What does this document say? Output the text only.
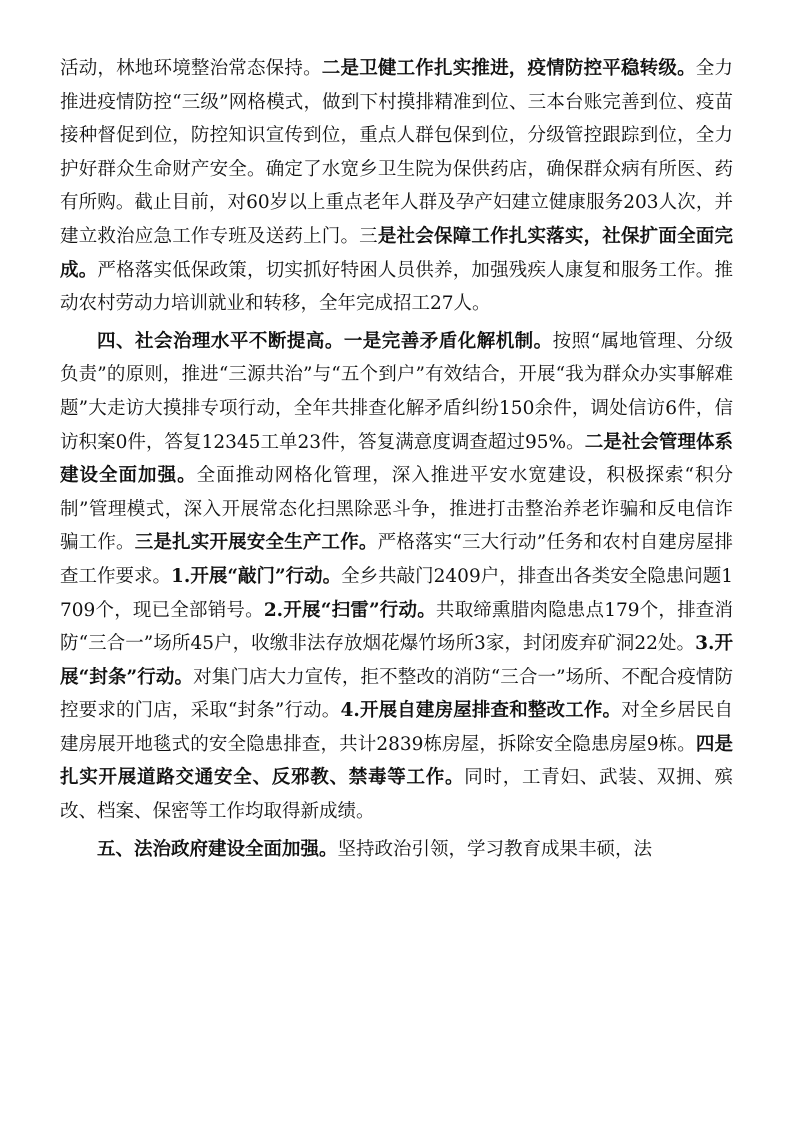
活动，林地环境整治常态保持。二是卫健工作扎实推进，疫情防控平稳转级。全力推进疫情防控“三级”网格模式，做到下村摸排精准到位、三本台账完善到位、疫苗接种督促到位，防控知识宣传到位，重点人群包保到位，分级管控跟踪到位，全力护好群众生命财产安全。确定了水宽乡卫生院为保供药店，确保群众病有所医、药有所购。截止目前，对60岁以上重点老年人群及孕产妇建立健康服务203人次，并建立救治应急工作专班及送药上门。三是社会保障工作扎实落实，社保扩面全面完成。严格落实低保政策，切实抓好特困人员供养，加强残疾人康复和服务工作。推动农村劳动力培训就业和转移，全年完成招工27人。

四、社会治理水平不断提高。一是完善矛盾化解机制。按照“属地管理、分级负责”的原则，推进“三源共治”与“五个到户”有效结合，开展“我为群众办实事解难题”大走访大摸排专项行动，全年共排查化解矛盾纠纷150余件，调处信访6件，信访积案0件，答复12345工单23件，答复满意度调查超过95%。二是社会管理体系建设全面加强。全面推动网格化管理，深入推进平安水宽建设，积极探索“积分制”管理模式，深入开展常态化扫黑除恶斗争，推进打击整治养老诈骗和反电信诈骗工作。三是扎实开展安全生产工作。严格落实“三大行动”任务和农村自建房屋排查工作要求。1.开展“敲门”行动。全乡共敲门2409户，排查出各类安全隐患问题1709个，现已全部销号。2.开展“扫雷”行动。共取缔熏腊肉隐患点179个，排查消防“三合一”场所45户，收缴非法存放烟花爆竹场所3家，封闭废弃矿洞22处。3.开展“封条”行动。对集门店大力宣传，拒不整改的消防“三合一”场所、不配合疫情防控要求的门店，采取“封条”行动。4.开展自建房屋排查和整改工作。对全乡居民自建房展开地毯式的安全隐患排查，共计2839栋房屋，拆除安全隐患房屋9栋。四是扎实开展道路交通安全、反邪教、禁毒等工作。同时，工青妇、武装、双拥、殡改、档案、保密等工作均取得新成绩。

五、法治政府建设全面加强。坚持政治引领，学习教育成果丰硕，法
